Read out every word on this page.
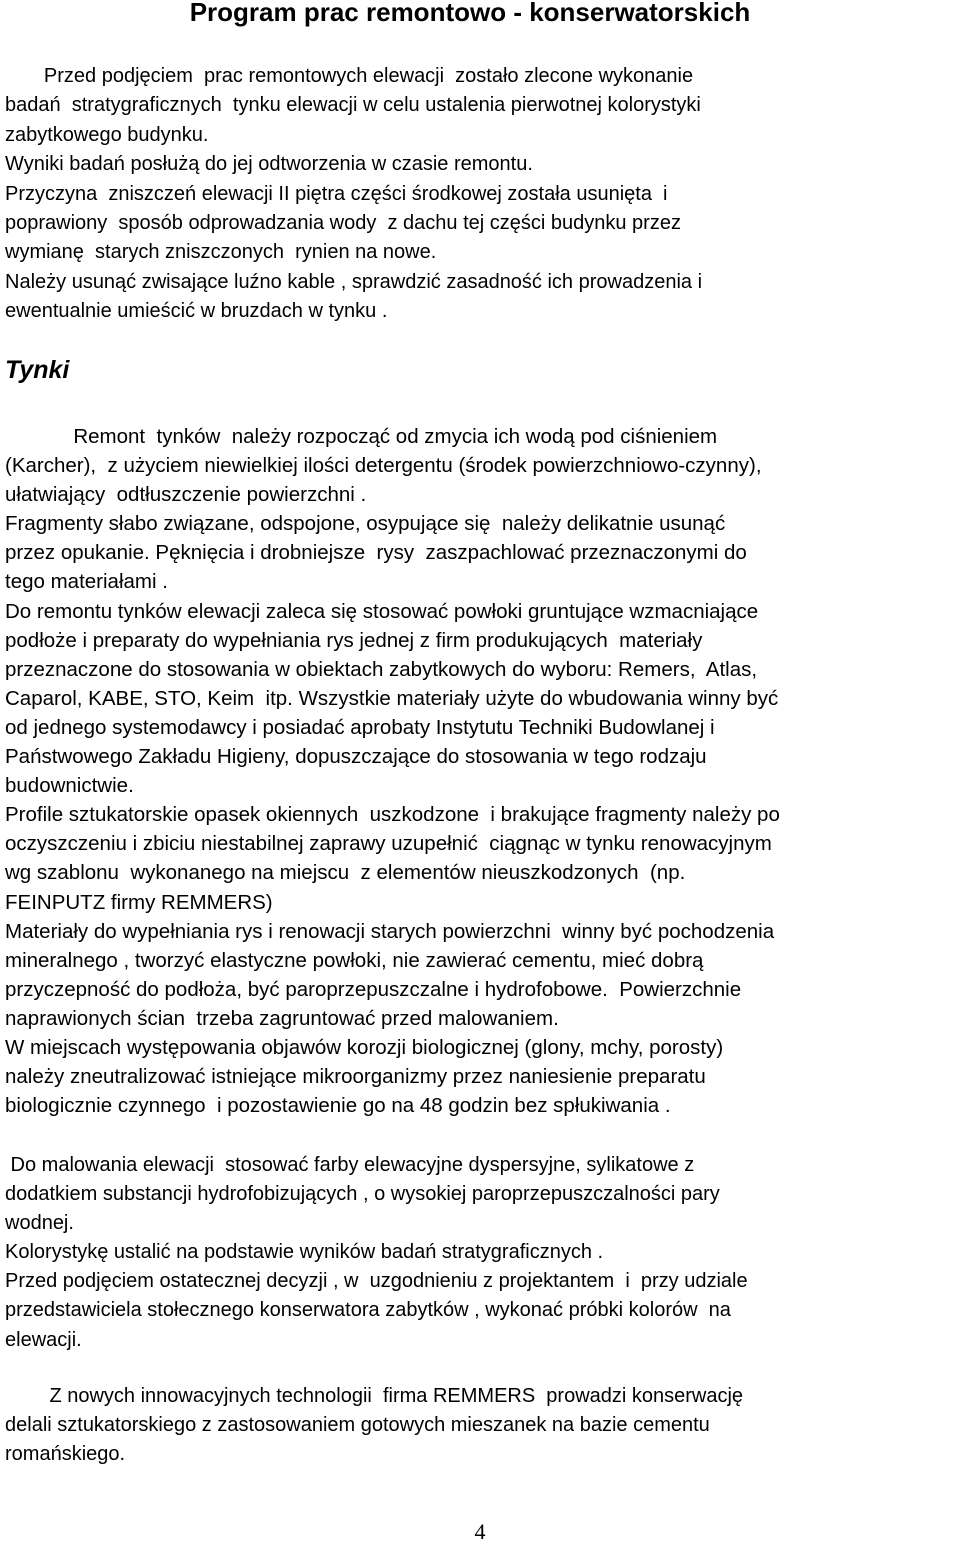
Program prac remontowo - konserwatorskich

Przed podjęciem  prac remontowych elewacji  zostało zlecone wykonanie
badań  stratygraficznych  tynku elewacji w celu ustalenia pierwotnej kolorystyki
zabytkowego budynku.
Wyniki badań posłużą do jej odtworzenia w czasie remontu.
Przyczyna  zniszczeń elewacji II piętra części środkowej została usunięta  i
poprawiony  sposób odprowadzania wody  z dachu tej części budynku przez
wymianę  starych zniszczonych  rynien na nowe.
Należy usunąć zwisające luźno kable , sprawdzić zasadność ich prowadzenia i
ewentualnie umieścić w bruzdach w tynku .

Tynki

Remont  tynków  należy rozpocząć od zmycia ich wodą pod ciśnieniem
(Karcher),  z użyciem niewielkiej ilości detergentu (środek powierzchniowo-czynny),
ułatwiający  odtłuszczenie powierzchni .
Fragmenty słabo związane, odspojone, osypujące się  należy delikatnie usunąć
przez opukanie. Pęknięcia i drobniejsze  rysy  zaszpachlować przeznaczonymi do
tego materiałami .
Do remontu tynków elewacji zaleca się stosować powłoki gruntujące wzmacniające
podłoże i preparaty do wypełniania rys jednej z firm produkujących  materiały
przeznaczone do stosowania w obiektach zabytkowych do wyboru: Remers,  Atlas,
Caparol, KABE, STO, Keim  itp. Wszystkie materiały użyte do wbudowania winny być
od jednego systemodawcy i posiadać aprobaty Instytutu Techniki Budowlanej i
Państwowego Zakładu Higieny, dopuszczające do stosowania w tego rodzaju
budownictwie.
Profile sztukatorskie opasek okiennych  uszkodzone  i brakujące fragmenty należy po
oczyszczeniu i zbiciu niestabilnej zaprawy uzupełnić  ciągnąc w tynku renowacyjnym
wg szablonu  wykonanego na miejscu  z elementów nieuszkodzonych  (np.
FEINPUTZ firmy REMMERS)
Materiały do wypełniania rys i renowacji starych powierzchni  winny być pochodzenia
mineralnego , tworzyć elastyczne powłoki, nie zawierać cementu, mieć dobrą
przyczepność do podłoża, być paroprzepuszczalne i hydrofobowe.  Powierzchnie
naprawionych ścian  trzeba zagruntować przed malowaniem.
W miejscach występowania objawów korozji biologicznej (glony, mchy, porosty)
należy zneutralizować istniejące mikroorganizmy przez naniesienie preparatu
biologicznie czynnego  i pozostawienie go na 48 godzin bez spłukiwania .

Do malowania elewacji  stosować farby elewacyjne dyspersyjne, sylikatowe z
dodatkiem substancji hydrofobizujących , o wysokiej paroprzepuszczalności pary
wodnej.
Kolorystykę ustalić na podstawie wyników badań stratygraficznych .
Przed podjęciem ostatecznej decyzji , w  uzgodnieniu z projektantem  i  przy udziale
przedstawiciela stołecznego konserwatora zabytków , wykonać próbki kolorów  na
elewacji.

Z nowych innowacyjnych technologii  firma REMMERS  prowadzi konserwację
delali sztukatorskiego z zastosowaniem gotowych mieszanek na bazie cementu
romańskiego.

4
